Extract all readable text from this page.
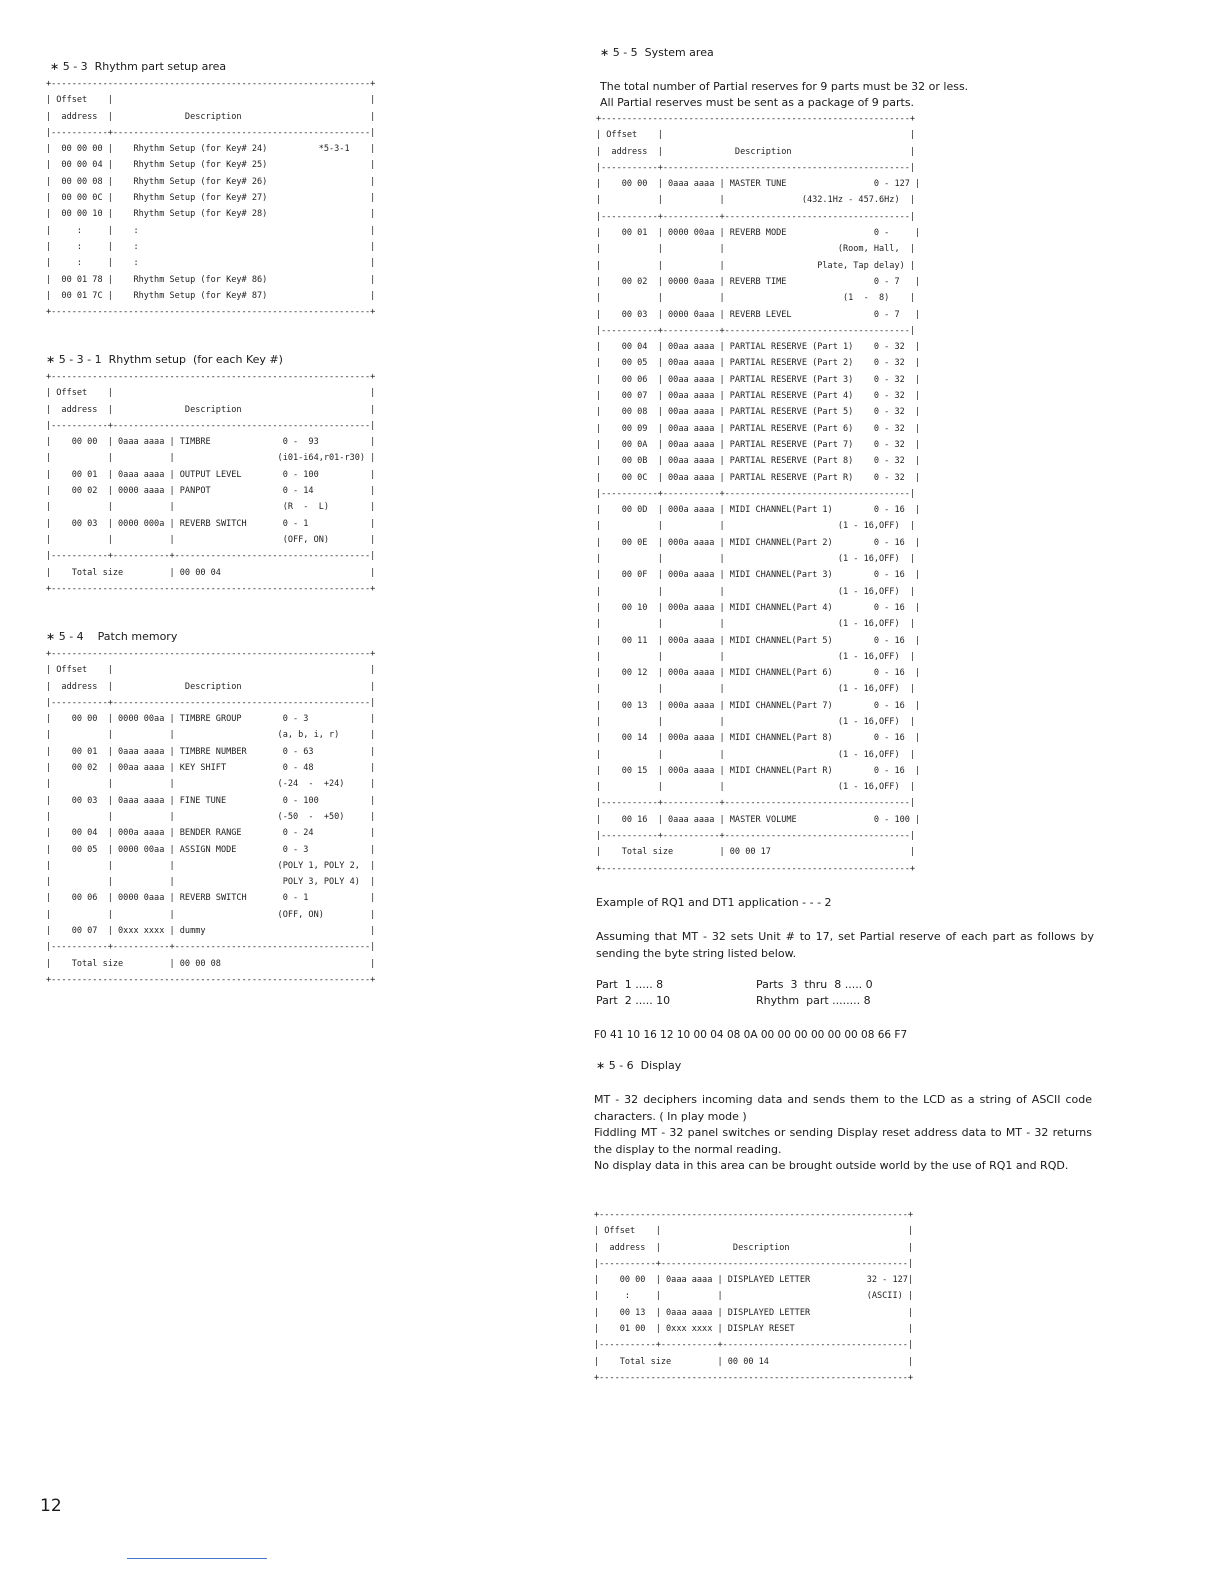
∗ 5 - 3  Rhythm part setup area
+--------------------------------------------------------------+
| Offset    |                                                  |
|  address  |              Description                         |
|-----------+--------------------------------------------------|
|  00 00 00 |    Rhythm Setup (for Key# 24)          *5-3-1    |
|  00 00 04 |    Rhythm Setup (for Key# 25)                    |
|  00 00 08 |    Rhythm Setup (for Key# 26)                    |
|  00 00 0C |    Rhythm Setup (for Key# 27)                    |
|  00 00 10 |    Rhythm Setup (for Key# 28)                    |
|     :     |    :                                             |
|     :     |    :                                             |
|     :     |    :                                             |
|  00 01 78 |    Rhythm Setup (for Key# 86)                    |
|  00 01 7C |    Rhythm Setup (for Key# 87)                    |
+--------------------------------------------------------------+
∗ 5 - 3 - 1  Rhythm setup  (for each Key #)
+--------------------------------------------------------------+
| Offset    |                                                  |
|  address  |              Description                         |
|-----------+--------------------------------------------------|
|    00 00  | 0aaa aaaa | TIMBRE              0 -  93          |
|           |           |                    (i01-i64,r01-r30) |
|    00 01  | 0aaa aaaa | OUTPUT LEVEL        0 - 100          |
|    00 02  | 0000 aaaa | PANPOT              0 - 14           |
|           |           |                     (R  -  L)        |
|    00 03  | 0000 000a | REVERB SWITCH       0 - 1            |
|           |           |                     (OFF, ON)        |
|-----------+-----------+--------------------------------------|
|    Total size         | 00 00 04                             |
+--------------------------------------------------------------+
∗ 5 - 4    Patch memory
+--------------------------------------------------------------+
| Offset    |                                                  |
|  address  |              Description                         |
|-----------+--------------------------------------------------|
|    00 00  | 0000 00aa | TIMBRE GROUP        0 - 3            |
|           |           |                    (a, b, i, r)      |
|    00 01  | 0aaa aaaa | TIMBRE NUMBER       0 - 63           |
|    00 02  | 00aa aaaa | KEY SHIFT           0 - 48           |
|           |           |                    (-24  -  +24)     |
|    00 03  | 0aaa aaaa | FINE TUNE           0 - 100          |
|           |           |                    (-50  -  +50)     |
|    00 04  | 000a aaaa | BENDER RANGE        0 - 24           |
|    00 05  | 0000 00aa | ASSIGN MODE         0 - 3            |
|           |           |                    (POLY 1, POLY 2,  |
|           |           |                     POLY 3, POLY 4)  |
|    00 06  | 0000 0aaa | REVERB SWITCH       0 - 1            |
|           |           |                    (OFF, ON)         |
|    00 07  | 0xxx xxxx | dummy                                |
|-----------+-----------+--------------------------------------|
|    Total size         | 00 00 08                             |
+--------------------------------------------------------------+
∗ 5 - 5  System area
The total number of Partial reserves for 9 parts must be 32 or less.
All Partial reserves must be sent as a package of 9 parts.
+------------------------------------------------------------+
| Offset    |                                                |
|  address  |              Description                       |
|-----------+------------------------------------------------|
|    00 00  | 0aaa aaaa | MASTER TUNE                 0 - 127 |
|           |           |               (432.1Hz - 457.6Hz)  |
|-----------+-----------+------------------------------------|
|    00 01  | 0000 00aa | REVERB MODE                 0 -     |
|           |           |                      (Room, Hall,  |
|           |           |                  Plate, Tap delay) |
|    00 02  | 0000 0aaa | REVERB TIME                 0 - 7   |
|           |           |                       (1  -  8)    |
|    00 03  | 0000 0aaa | REVERB LEVEL                0 - 7   |
|-----------+-----------+------------------------------------|
|    00 04  | 00aa aaaa | PARTIAL RESERVE (Part 1)    0 - 32  |
|    00 05  | 00aa aaaa | PARTIAL RESERVE (Part 2)    0 - 32  |
|    00 06  | 00aa aaaa | PARTIAL RESERVE (Part 3)    0 - 32  |
|    00 07  | 00aa aaaa | PARTIAL RESERVE (Part 4)    0 - 32  |
|    00 08  | 00aa aaaa | PARTIAL RESERVE (Part 5)    0 - 32  |
|    00 09  | 00aa aaaa | PARTIAL RESERVE (Part 6)    0 - 32  |
|    00 0A  | 00aa aaaa | PARTIAL RESERVE (Part 7)    0 - 32  |
|    00 0B  | 00aa aaaa | PARTIAL RESERVE (Part 8)    0 - 32  |
|    00 0C  | 00aa aaaa | PARTIAL RESERVE (Part R)    0 - 32  |
|-----------+-----------+------------------------------------|
|    00 0D  | 000a aaaa | MIDI CHANNEL(Part 1)        0 - 16  |
|           |           |                      (1 - 16,OFF)  |
|    00 0E  | 000a aaaa | MIDI CHANNEL(Part 2)        0 - 16  |
|           |           |                      (1 - 16,OFF)  |
|    00 0F  | 000a aaaa | MIDI CHANNEL(Part 3)        0 - 16  |
|           |           |                      (1 - 16,OFF)  |
|    00 10  | 000a aaaa | MIDI CHANNEL(Part 4)        0 - 16  |
|           |           |                      (1 - 16,OFF)  |
|    00 11  | 000a aaaa | MIDI CHANNEL(Part 5)        0 - 16  |
|           |           |                      (1 - 16,OFF)  |
|    00 12  | 000a aaaa | MIDI CHANNEL(Part 6)        0 - 16  |
|           |           |                      (1 - 16,OFF)  |
|    00 13  | 000a aaaa | MIDI CHANNEL(Part 7)        0 - 16  |
|           |           |                      (1 - 16,OFF)  |
|    00 14  | 000a aaaa | MIDI CHANNEL(Part 8)        0 - 16  |
|           |           |                      (1 - 16,OFF)  |
|    00 15  | 000a aaaa | MIDI CHANNEL(Part R)        0 - 16  |
|           |           |                      (1 - 16,OFF)  |
|-----------+-----------+------------------------------------|
|    00 16  | 0aaa aaaa | MASTER VOLUME               0 - 100 |
|-----------+-----------+------------------------------------|
|    Total size         | 00 00 17                           |
+------------------------------------------------------------+
Example of RQ1 and DT1 application - - - 2
Assuming that MT - 32 sets Unit # to 17, set Partial reserve of each part as follows by sending the byte string listed below.
Part  1 ..... 8
Part  2 ..... 10
Parts  3  thru  8 ..... 0
Rhythm  part ........ 8
F0 41 10 16 12 10 00 04 08 0A 00 00 00 00 00 00 08 66 F7
∗ 5 - 6  Display
MT - 32 deciphers incoming data and sends them to the LCD as a string of ASCII code characters. ( In play mode )
Fiddling MT - 32 panel switches or sending Display reset address data to MT - 32 returns the display to the normal reading.
No display data in this area can be brought outside world by the use of RQ1 and RQD.
+------------------------------------------------------------+
| Offset    |                                                |
|  address  |              Description                       |
|-----------+------------------------------------------------|
|    00 00  | 0aaa aaaa | DISPLAYED LETTER           32 - 127|
|     :     |           |                            (ASCII) |
|    00 13  | 0aaa aaaa | DISPLAYED LETTER                   |
|    01 00  | 0xxx xxxx | DISPLAY RESET                      |
|-----------+-----------+------------------------------------|
|    Total size         | 00 00 14                           |
+------------------------------------------------------------+
12
